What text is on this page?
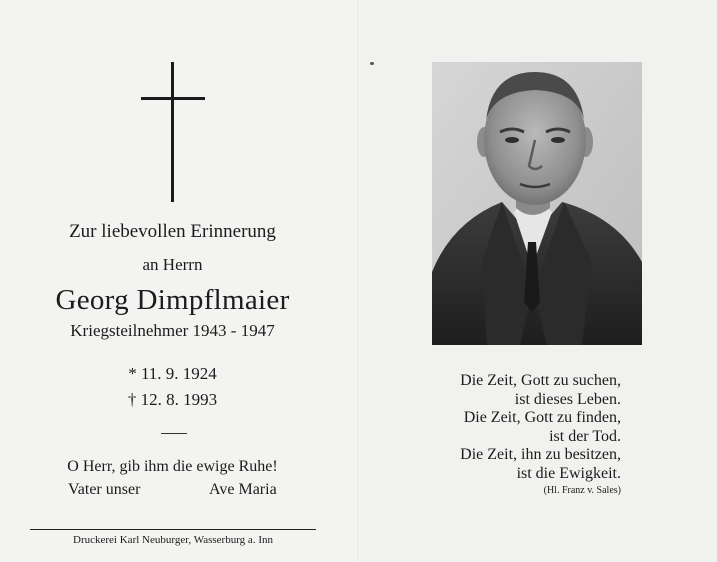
Zur liebevollen Erinnerung
an Herrn
Georg Dimpflmaier
Kriegsteilnehmer 1943 - 1947
* 11. 9. 1924
† 12. 8. 1993
O Herr, gib ihm die ewige Ruhe!
Vater unser	Ave Maria
Druckerei Karl Neuburger, Wasserburg a. Inn
Die Zeit, Gott zu suchen,
ist dieses Leben.
Die Zeit, Gott zu finden,
ist der Tod.
Die Zeit, ihn zu besitzen,
ist die Ewigkeit.
(Hl. Franz v. Sales)
